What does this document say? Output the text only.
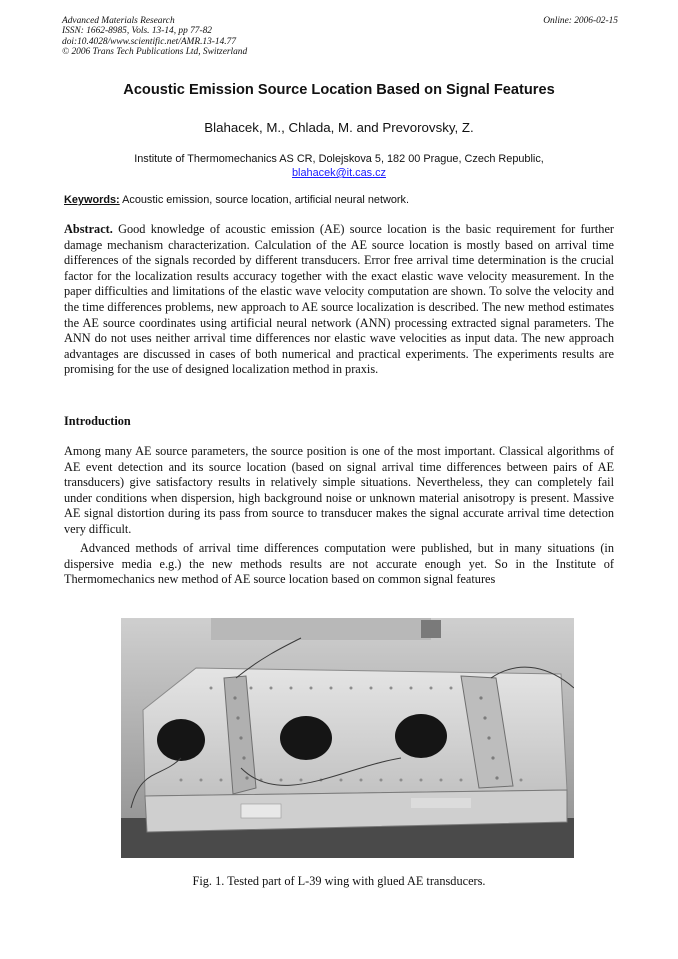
Advanced Materials Research
ISSN: 1662-8985, Vols. 13-14, pp 77-82
doi:10.4028/www.scientific.net/AMR.13-14.77
© 2006 Trans Tech Publications Ltd, Switzerland
Online: 2006-02-15
Acoustic Emission Source Location Based on Signal Features
Blahacek, M., Chlada, M. and Prevorovsky, Z.
Institute of Thermomechanics AS CR, Dolejskova 5, 182 00 Prague, Czech Republic,
blahacek@it.cas.cz
Keywords: Acoustic emission, source location, artificial neural network.
Abstract. Good knowledge of acoustic emission (AE) source location is the basic requirement for further damage mechanism characterization. Calculation of the AE source location is mostly based on arrival time differences of the signals recorded by different transducers. Error free arrival time determination is the crucial factor for the localization results accuracy together with the exact elastic wave velocity measurement. In the paper difficulties and limitations of the elastic wave velocity computation are shown. To solve the velocity and the time differences problems, new approach to AE source localization is described. The new method estimates the AE source coordinates using artificial neural network (ANN) processing extracted signal parameters. The ANN do not uses neither arrival time differences nor elastic wave velocities as input data. The new approach advantages are discussed in cases of both numerical and practical experiments. The experiments results are promising for the use of designed localization method in praxis.
Introduction
Among many AE source parameters, the source position is one of the most important. Classical algorithms of AE event detection and its source location (based on signal arrival time differences between pairs of AE transducers) give satisfactory results in relatively simple situations. Nevertheless, they can completely fail under conditions when dispersion, high background noise or unknown material anisotropy is present. Massive AE signal distortion during its pass from source to transducer makes the signal accurate arrival time detection very difficult.
Advanced methods of arrival time differences computation were published, but in many situations (in dispersive media e.g.) the new methods results are not accurate enough yet. So in the Institute of Thermomechanics new method of AE source location based on common signal features
Fig. 1. Tested part of L-39 wing with glued AE transducers.
